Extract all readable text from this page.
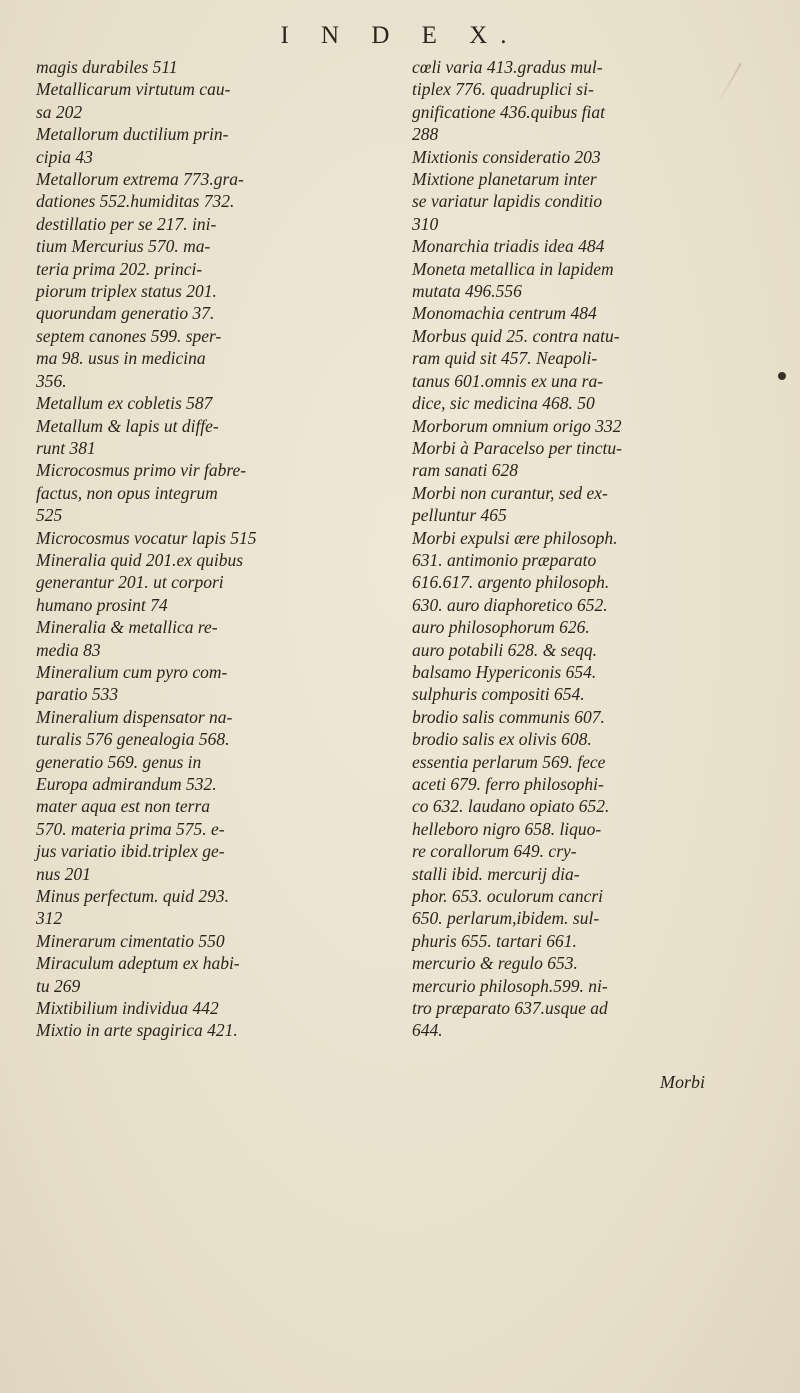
I N D E X.
magis durabiles 511
Metallicarum virtutum cau-
sa 202
Metallorum ductilium prin-
cipia 43
Metallorum extrema 773.gra-
dationes 552.humiditas 732.
destillatio per se 217. ini-
tium Mercurius 570. ma-
teria prima 202. princi-
piorum triplex status 201.
quorundam generatio 37.
septem canones 599. sper-
ma 98. usus in medicina
356.
Metallum ex cobletis 587
Metallum & lapis ut diffe-
runt 381
Microcosmus primo vir fabre-
factus, non opus integrum
525
Microcosmus vocatur lapis 515
Mineralia quid 201.ex quibus
generantur 201. ut corpori
humano prosint 74
Mineralia & metallica re-
media 83
Mineralium cum pyro com-
paratio 533
Mineralium dispensator na-
turalis 576 genealogia 568.
generatio 569. genus in
Europa admirandum 532.
mater aqua est non terra
570. materia prima 575. e-
jus variatio ibid.triplex ge-
nus 201
Minus perfectum. quid 293.
312
Minerarum cimentatio 550
Miraculum adeptum ex habi-
tu 269
Mixtibilium individua 442
Mixtio in arte spagirica 421.
cœli varia 413.gradus mul-
tiplex 776. quadruplici si-
gnificatione 436.quibus fiat
288
Mixtionis consideratio 203
Mixtione planetarum inter
se variatur lapidis conditio
310
Monarchia triadis idea 484
Moneta metallica in lapidem
mutata 496.556
Monomachia centrum 484
Morbus quid 25. contra natu-
ram quid sit 457. Neapoli-
tanus 601.omnis ex una ra-
dice, sic medicina 468. 50
Morborum omnium origo 332
Morbi à Paracelso per tinctu-
ram sanati 628
Morbi non curantur, sed ex-
pelluntur 465
Morbi expulsi ære philosoph.
631. antimonio præparato
616.617. argento philosoph.
630. auro diaphoretico 652.
auro philosophorum 626.
auro potabili 628. & seqq.
balsamo Hypericonis 654.
sulphuris compositi 654.
brodio salis communis 607.
brodio salis ex olivis 608.
essentia perlarum 569. fece
aceti 679. ferro philosophi-
co 632. laudano opiato 652.
helleboro nigro 658. liquo-
re corallorum 649. cry-
stalli ibid. mercurij dia-
phor. 653. oculorum cancri
650. perlarum,ibidem. sul-
phuris 655. tartari 661.
mercurio & regulo 653.
mercurio philosoph.599. ni-
tro præparato 637.usque ad
644.
Morbi
